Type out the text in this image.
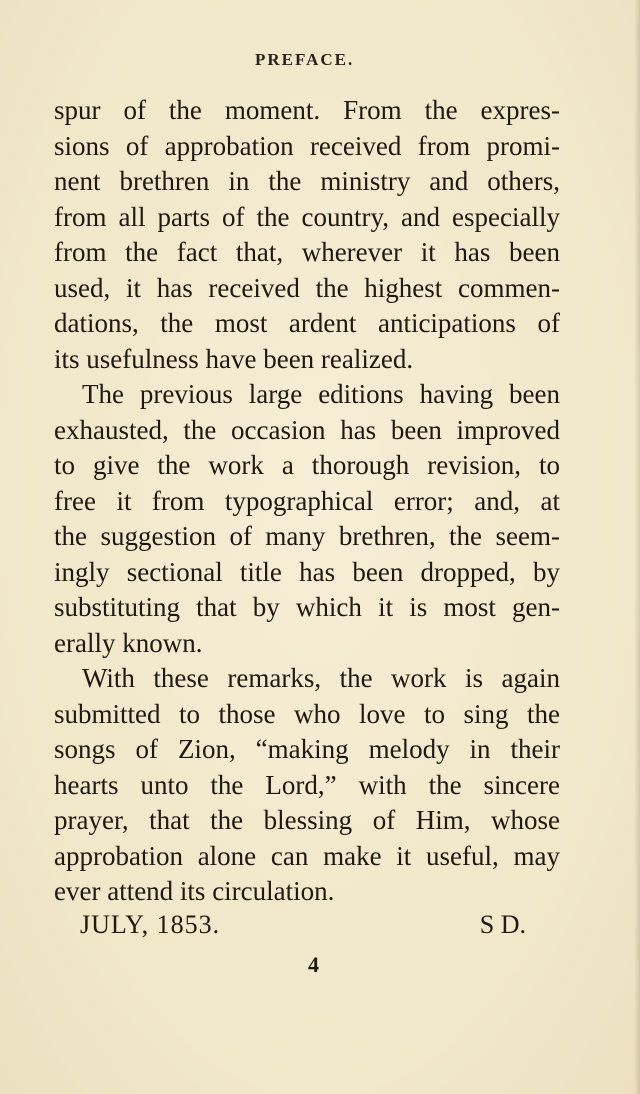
PREFACE.
spur of the moment. From the expres-
sions of approbation received from promi-
nent brethren in the ministry and others,
from all parts of the country, and especially
from the fact that, wherever it has been
used, it has received the highest commen-
dations, the most ardent anticipations of
its usefulness have been realized.
The previous large editions having been
exhausted, the occasion has been improved
to give the work a thorough revision, to
free it from typographical error; and, at
the suggestion of many brethren, the seem-
ingly sectional title has been dropped, by
substituting that by which it is most gen-
erally known.
With these remarks, the work is again
submitted to those who love to sing the
songs of Zion, “making melody in their
hearts unto the Lord,” with the sincere
prayer, that the blessing of Him, whose
approbation alone can make it useful, may
ever attend its circulation.
JULY, 1853.	S D.
4
